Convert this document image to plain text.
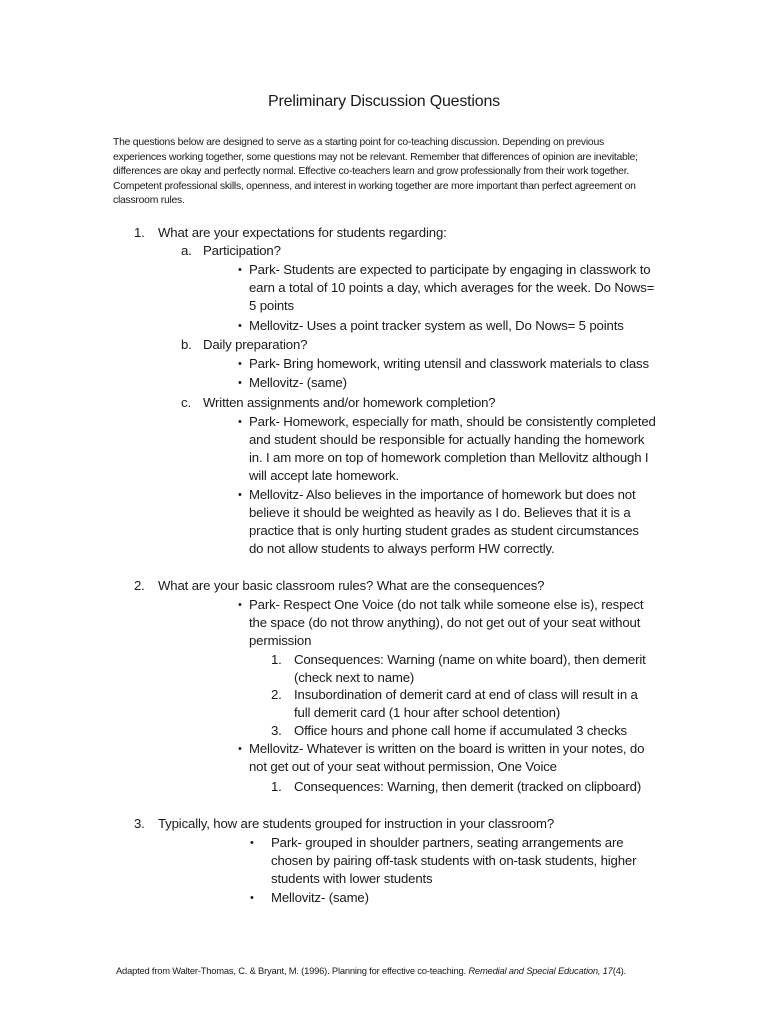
Preliminary Discussion Questions
The questions below are designed to serve as a starting point for co-teaching discussion. Depending on previous experiences working together, some questions may not be relevant. Remember that differences of opinion are inevitable; differences are okay and perfectly normal. Effective co-teachers learn and grow professionally from their work together. Competent professional skills, openness, and interest in working together are more important than perfect agreement on classroom rules.
1. What are your expectations for students regarding:
a. Participation?
• Park- Students are expected to participate by engaging in classwork to earn a total of 10 points a day, which averages for the week. Do Nows= 5 points
• Mellovitz- Uses a point tracker system as well, Do Nows= 5 points
b. Daily preparation?
• Park- Bring homework, writing utensil and classwork materials to class
• Mellovitz- (same)
c. Written assignments and/or homework completion?
• Park- Homework, especially for math, should be consistently completed and student should be responsible for actually handing the homework in. I am more on top of homework completion than Mellovitz although I will accept late homework.
• Mellovitz- Also believes in the importance of homework but does not believe it should be weighted as heavily as I do. Believes that it is a practice that is only hurting student grades as student circumstances do not allow students to always perform HW correctly.
2. What are your basic classroom rules? What are the consequences?
• Park- Respect One Voice (do not talk while someone else is), respect the space (do not throw anything), do not get out of your seat without permission
1. Consequences: Warning (name on white board), then demerit (check next to name)
2. Insubordination of demerit card at end of class will result in a full demerit card (1 hour after school detention)
3. Office hours and phone call home if accumulated 3 checks
• Mellovitz- Whatever is written on the board is written in your notes, do not get out of your seat without permission, One Voice
1. Consequences: Warning, then demerit (tracked on clipboard)
3. Typically, how are students grouped for instruction in your classroom?
• Park- grouped in shoulder partners, seating arrangements are chosen by pairing off-task students with on-task students, higher students with lower students
• Mellovitz- (same)
Adapted from Walter-Thomas, C. & Bryant, M. (1996). Planning for effective co-teaching. Remedial and Special Education, 17(4).
